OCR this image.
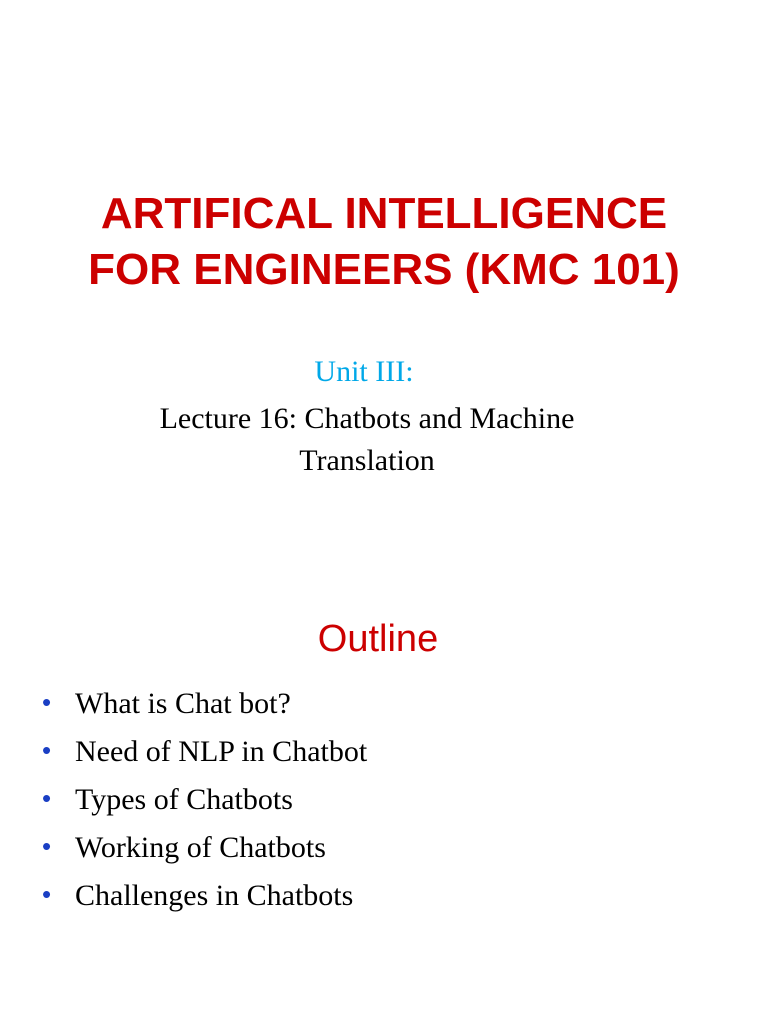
ARTIFICAL INTELLIGENCE
FOR ENGINEERS (KMC 101)
Unit III:
Lecture 16: Chatbots and Machine
Translation
Outline
• What is Chat bot?
• Need of NLP in Chatbot
• Types of Chatbots
• Working of Chatbots
• Challenges in Chatbots
